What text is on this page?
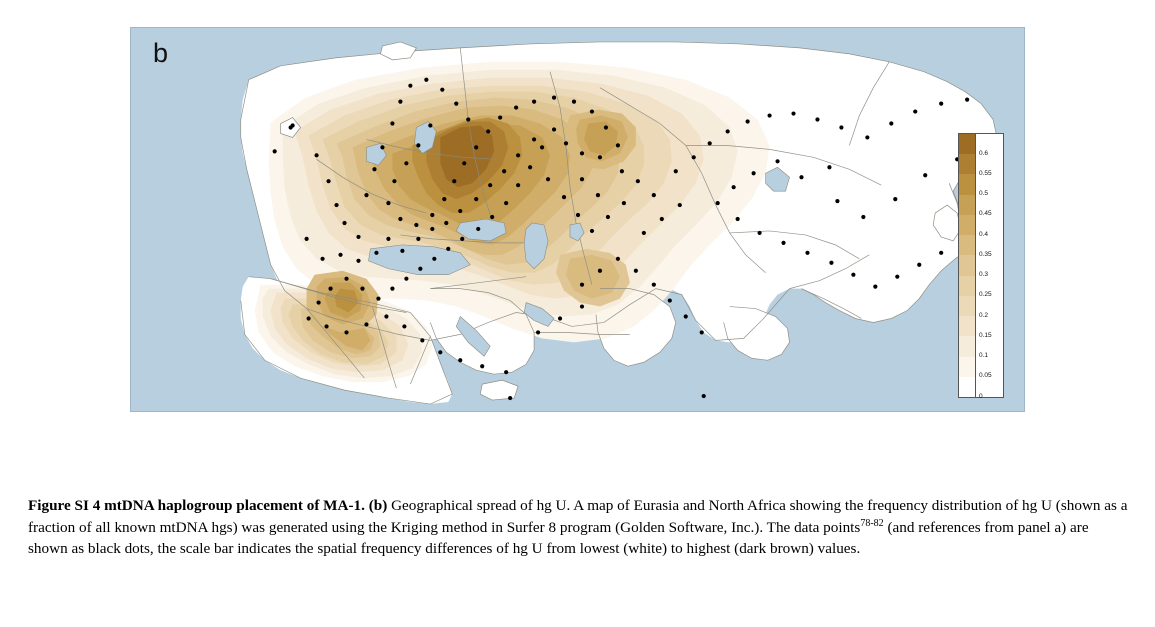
b
0.6
0.55
0.5
0.45
0.4
0.35
0.3
0.25
0.2
0.15
0.1
0.05
0
Figure SI 4 mtDNA haplogroup placement of MA-1. (b) Geographical spread of hg U. A map of Eurasia and North Africa showing the frequency distribution of hg U (shown as a fraction of all known mtDNA hgs) was generated using the Kriging method in Surfer 8 program (Golden Software, Inc.). The data points$^{78-82}$ (and references from panel a) are shown as black dots, the scale bar indicates the spatial frequency differences of hg U from lowest (white) to highest (dark brown) values.
